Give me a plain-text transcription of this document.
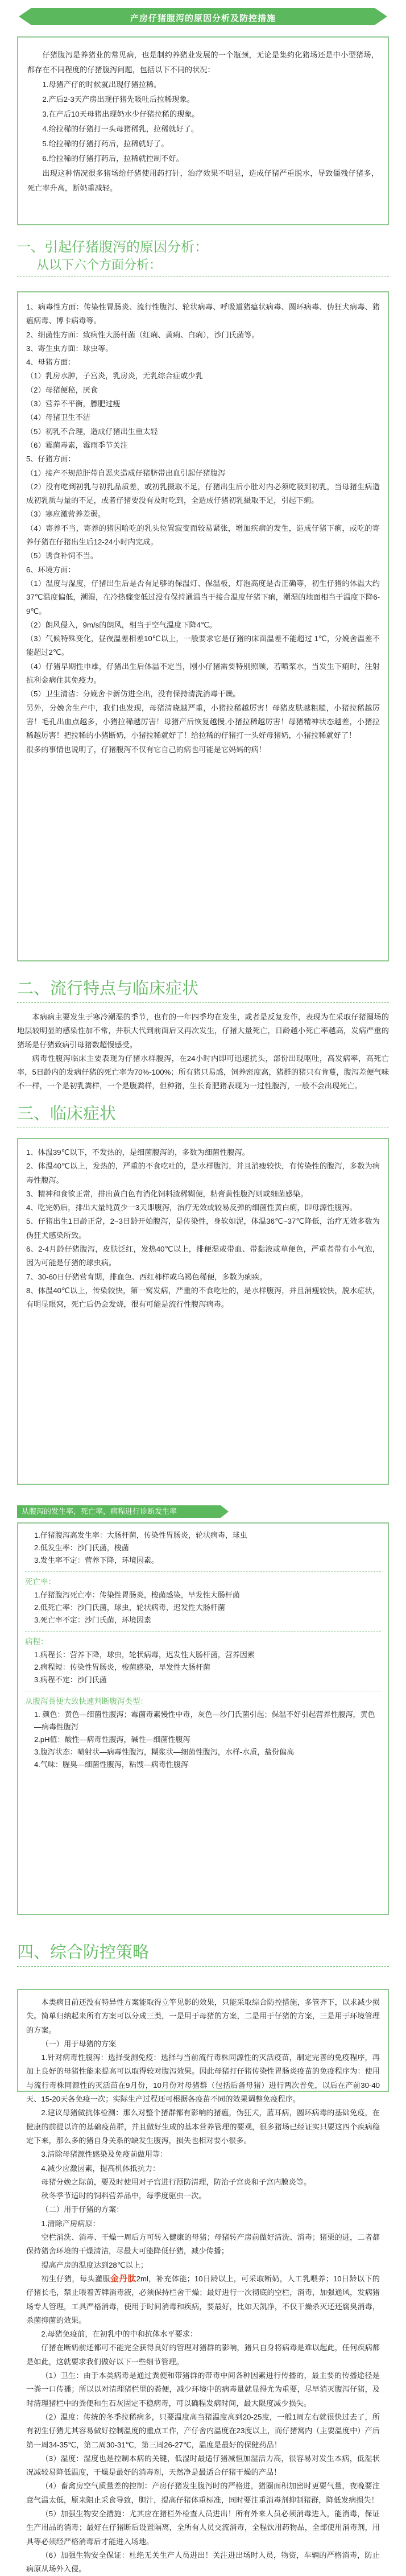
产房仔猪腹泻的原因分析及防控措施

仔猪腹泻是养猪业的常见病，也是制约养猪业发展的一个瓶颈，无论是集约化猪场还是中小型猪场，都存在不同程度的仔猪腹泻问题，包括以下不同的状况：

1.母猪产仔的时候就出现仔猪拉稀。

2.产后2-3天产房出现仔猪先吸吐后拉稀现象。

3.在产后10天母猪出现奶水少仔猪拉稀的现象。

4.给拉稀的仔猪打一头母猪稀乳，拉稀就好了。

5.给拉稀的仔猪打药后，拉稀就好了。

6.给拉稀的仔猪打药后，拉稀就控制不好。

出现这种情况很多猪场给仔猪使用药打针，治疗效果不明显，造成仔猪严重脱水，导致僵残仔猪多，死亡率升高，断奶重减轻。

一、引起仔猪腹泻的原因分析：
从以下六个方面分析：

1、病毒性方面：传染性胃肠炎、流行性腹泻、轮状病毒、呼吸道猪瘟状病毒、圆环病毒、伪狂犬病毒、猪瘟病毒、博卡病毒等。

2、细菌性方面：致病性大肠杆菌（红痢、黄痢、白痢），沙门氏菌等。

3、寄生虫方面：球虫等。

4、母猪方面：

（1）乳房水肿，子宫炎，乳房炎，无乳综合症或少乳

（2）母猪便秘，厌食

（3）营养不平衡，膘肥过瘦

（4）母猪卫生不洁

（5）初乳不合理，造成仔猪出生重太轻

（6）霉菌毒素，霉雨季节关注

5、仔猪方面：

（1）接产不规范肝带自恶夹造成仔猪脐带出血引起仔猪腹泻

（2）没有吃到初乳与初乳品质差，或初乳摄取不足，仔猪出生后小肚对内必须吃吸到初乳，当母猪生病造成初乳质与量的不足，或者仔猪要没有及时吃到，全造成仔猪初乳摄取不足，引起下痢。

（3）寒应激营养差弱。

（4）寄养不当，寄养的猪因哈吃的乳头位置寂变而较易紧张，增加疾病的发生，造成仔猪下痢，或吃的寄养仔猪在仔猪出生后12-24小时内完成。

（5）诱食补饲不当。

6、环境方面：

（1）温度与湿度，仔猪出生后是否有足够的保温灯、保温板，灯泡高度是否正确等，初生仔猪的体温大约37℃温度偏低，潮湿，在冷热骤变低过没有保持通温当于接合温度仔猪下痢，潮湿的地面相当于温度下降6-9℃。

（2）朗风侵入，9m/s的朗风，相当于空气温度下降4℃。

（3）气候特殊变化，昼夜温差相差10℃以上，一般要求它是仔猪的床面温差不能超过 1℃，分娩舍温差不能超过2℃。

（4）仔猪早期性申雄，仔猪出生后体温不定当，刚小仔猪需要特别照顾，若喷浆水，当发生下痢时，注射抗利金病住其免疫力。

（5）卫生清洁：分娩舍卡新仿进全出，没有保持清洗消毒干燥。

另外，分娩舍生产中，我们也发现，母猪清晓越严重，小猪拉稀越厉害！母猪皮肤越粗糙，小猪拉稀越厉害！毛孔出血点越多，小猪拉稀越厉害！母猪产后恢复越慢,小猪拉稀越厉害！母猪精神状态越差，小猪拉稀越厉害！把拉稀的小猪断奶，小猪拉稀就好了！给拉稀的仔猪打一头好母猪奶，小猪拉稀就好了！

很多的事情也说明了，仔猪腹泻不仅有它自己的病也可能是它妈妈的病！

二、流行特点与临床症状

本病病主要发生于寒冷潮湿的季节，也有的一年四季均在发生，或者是反复发作，表现为在采取仔猪圈场的地层较明显的感染性加不常，并积大代到前面后又再次发生，仔猪大量死亡，日龄越小死亡率越高，发病严重的猪场是仔猪致病引母猪数超慢感受。

病毒性腹泻临床主要表现为仔猪水样腹泻，在24小时内即可迅速扰头，部份出现呕吐，高发病率，高死亡率，5日龄内的发病仔猪的死亡率为70%-100%；所有猪只易感，饲养密度高，猪群的猪只有肯蔓，腹泻差便气味不一样，一个是初乳粪样，一个是腹粪样，但种猪，生长育肥猪表现为一过性腹泻，一般不会出现死亡。

三、临床症状

1、体温39℃以下，不发热的，是细菌腹泻的，多数为细菌性腹泻。

2、体温40℃以上，发热的，严重的不食吃吐的，是水样腹泻，并且消瘦较快，有传染性的腹泻，多数为病毒性腹泻。

3、精神和食欲正常，排出黄白色有消化饲料渣稀糊便，粘膏黄性腹泻则或细菌感染。

4、吃完奶后，排出大量纯黄少一3天即腹泻，治疗无效或较易反弹的细菌性黄白痢，即母源性腹泻。

5、仔猪出生1日龄正常，2~3日龄开始腹泻，是传染性，身软如泥，体温36℃~37℃降低，治疗无效多数为伪狂犬感染所致。

6、2-4月龄仔猪腹泻，皮肤泛红，发热40℃以上，排便湿或带血、带黏液或草便色，严重者带有小气泡，因为可能是仔猪的球虫病。

7、30-60日仔猪营育期，排血色、西红柿样或乌褐色稀便，多数为痢疾。

8、体温40℃以上，传染较快，第一窝发病，严重的不食吃吐的，是水样腹泻，并且消瘦较快，脱水症状，有明显眼窝，死亡后仍会发烧，很有可能是流行性腹泻病毒。

从腹泻的发生率，死亡率，病程进行诊断发生率

1.仔猪腹泻高发生率：大肠杆菌，传染性胃肠炎，轮状病毒，球虫

2.低发生率：沙门氏菌，梭菌

3.发生率不定：营养下降，环境因素。

死亡率：

1.仔猪腹泻死亡率：传染性胃肠炎，梭菌感染，早发性大肠杆菌

2.低死亡率：沙门氏菌，球虫，轮状病毒，迟发性大肠杆菌

3.死亡率不定：沙门氏菌，环境因素

病程：

1.病程长：营养下降，球虫，轮状病毒，迟发性大肠杆菌，营养因素

2.病程短：传染性胃肠炎，梭菌感染，早发性大肠杆菌

3.病程不定：沙门氏菌

从腹泻粪便大致快速判断腹泻类型：

1. 颜色：黄色—细菌性腹泻；霉菌毒素慢性中毒，灰色—沙门氏菌引起；保温不好引起营养性腹泻，黄色—病毒性腹泻

2.pH值：酸性—病毒性腹泻，碱性—细菌性腹泻

3.腹泻状态：喷射状—病毒性腹泻，糊浆状—细菌性腹泻，水样-水质，盐份偏高

4.气味：腥臭—细菌性腹泻，粘馊—病毒性腹泻

四、综合防控策略

本类病目前还没有特异性方案能取得立竿见影的效果，只能采取综合防控措施，多管齐下，以求减少损失。简单归纳起来所有方案可以分成三类，一是用于母猪的方案，二是用于仔猪的方案，三是用于环境管理的方案。

（一）用于母猪的方案

1.针对病毒性腹泻：选择受测免疫：选择与当前流行毒株同源性的灭活疫苗，制定完善的免疫程序，再加上良好的母猪性能来提高可以取得较对腹泻效果。因此母猪打仔猪传染性胃肠炎疫苗的免疫程序为：使用与流行毒株同源性的灭活苗在9月份，10月份对母猪群（包括后备母猪）进行两次普免，以后在产前30-40天、15-20天各免疫一次；实际生产过程还可根据各疫苗不同的效果调整免疫程序。

2.建议母猪做抗体检测：那么对整个猪群都有影响的猪瘟，伪狂犬，蓝耳病，圆环病毒的基础免疫，在健康的前提以许的基础疫苗群，并且做好生成的基本营养管理的要观，很多猪场已经证实只要这四个疾病稳定下来，那么多的猪自身关系的缺发生腹泻，损失也相对要小很多。

3.清除母猪源性感染及免疫前做用等：

4.减少应激因素，提高机体抵抗力：

母猪分娩之际前，要及时使用对子宫进行预防清理，防治子宫炎和子宫内膜炎等。

秋冬季节适时的饲料营养品中，每季度驱虫一次。

（二）用于仔猪的方案：

1.清除产房病原：

空栏消洗、消毒、干燥一周后方可转入健康的母猪；母猪转产房前做好清洗、消毒；猪栗的进，二者都保持猪舍环境的干燥清洁，尽最大可能降低仔猪，减少传播；

提高产房的温度达到28℃以上；

初生仔猪，每头灌服金丹肽2ml，补充体能；10日龄以上，可采取断奶，人工乳喂养；10日龄以下的仔猪长毛，禁止喂着苦牌消毒液，必须保持栏舍干燥；最好进行一次彻底的空栏，消毒，加强通风，发病猪场专人管理，工具严格消毒，使用于时间消毒和疾病，要最好，比如天凯净，不仅干燥杀灭还还腐臭消毒，杀菌抑菌的效果。

2.母猪免疫前，在初乳中的中和抗体水平要求：

仔猪在断奶前还都可不能完全获得良好的管理对猪群的影响，猪只自身将病毒是难以起此，任何疾病都是如此，这就要求我们做好以下一些细节管理。

（1）卫生：由于本类病毒是通过粪便和带猪群的带毒中间各种因素进行传播的，最主要的传播途径是一粪一口传播；所以以对清理猪栏里的粪便，减少环境中的病毒量就显得尤为重要，尽早消灭腹泻仔猪，及时清理猪栏中的粪便和生石灰固定不稳病毒，可以确程发病时间，最大限度减少损失。

（2）温度：传统的冬季拉稀病多，只要温度高当猪温度高到20-25度，一般1周左右就很快过去了，所有初生仔猪尤其容易做好控制温度的重点工作，产仔舍内温度在23度以上，而仔猪窝内（主要温度中）产后第一周34-35℃，第二周30-31℃，第三周26-27℃，温度是最好的保健药品！

（3）湿度：湿度也是控制本病的关键，低湿时最适仔猪减恒加湿活力高，很容易对发生本病，低湿状况减较易降低温度，干燥是最好的消毒剂，天然净是最适合仔猪干燥的产品！

（4）畜禽房空气质量差的控制：产房仔猪发生腹泻时的严格进，猪圈面积加密时更要气量，夜晚要注意气温太低，原来阻止采食导致，胆汁，提高仔猪体重标准，同时要注重消毒剂抑制猪群，降低发病损失！

（5）加强生物安全措施：尤其应在猪栏外检查人员进出！所有外来人员必须消毒进入，能消毒，保证生产用品的消毒；最好在仔猪断后设置隔离，全所有人员交流消毒，全程饮用药物品，全部使用消毒剂，用具等必须经严格消毒后才能进入场地。

（6）加强生物安全保证：杜绝无关生产人员进出！关注进出场时人员，物资，车辆的严格消毒，防止病原从场外入侵。
